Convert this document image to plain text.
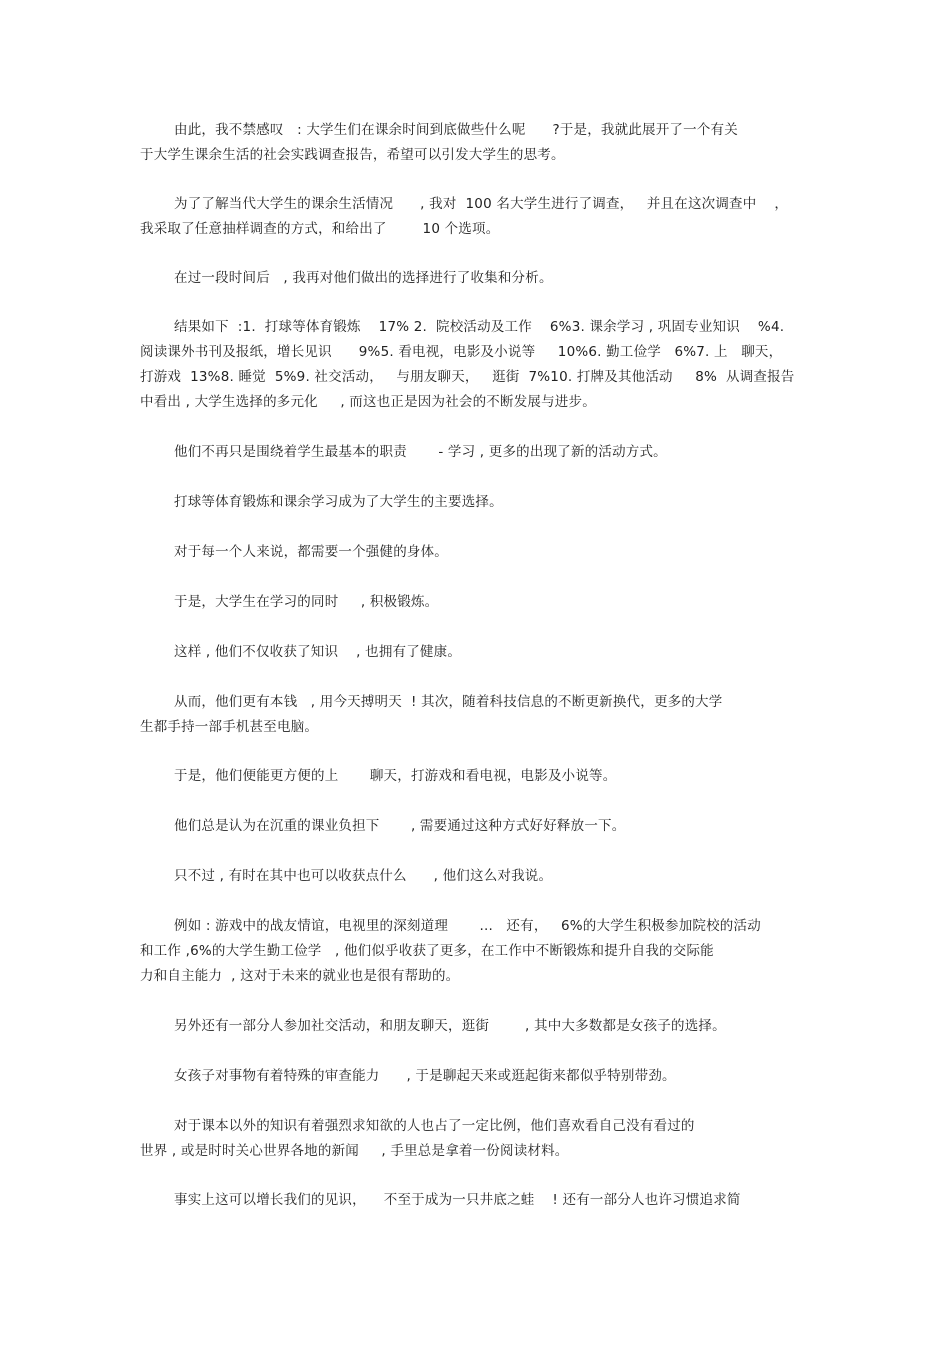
由此，我不禁感叹   : 大学生们在课余时间到底做些什么呢      ?于是，我就此展开了一个有关
于大学生课余生活的社会实践调查报告，希望可以引发大学生的思考。
为了了解当代大学生的课余生活情况      , 我对  100 名大学生进行了调查，   并且在这次调查中    ，
我采取了任意抽样调查的方式，和给出了        10 个选项。
在过一段时间后   , 我再对他们做出的选择进行了收集和分析。
结果如下  :1.  打球等体育锻炼    17% 2.  院校活动及工作    6%3. 课余学习 , 巩固专业知识    %4.
阅读课外书刊及报纸，增长见识      9%5. 看电视，电影及小说等     10%6. 勤工俭学   6%7. 上   聊天，
打游戏  13%8. 睡觉  5%9. 社交活动，   与朋友聊天，   逛街  7%10. 打牌及其他活动     8%  从调查报告
中看出 , 大学生选择的多元化     , 而这也正是因为社会的不断发展与进步。
他们不再只是围绕着学生最基本的职责       - 学习 , 更多的出现了新的活动方式。
打球等体育锻炼和课余学习成为了大学生的主要选择。
对于每一个人来说，都需要一个强健的身体。
于是，大学生在学习的同时     , 积极锻炼。
这样 , 他们不仅收获了知识    , 也拥有了健康。
从而，他们更有本钱   , 用今天搏明天  ! 其次，随着科技信息的不断更新换代，更多的大学
生都手持一部手机甚至电脑。
于是，他们便能更方便的上       聊天，打游戏和看电视，电影及小说等。
他们总是认为在沉重的课业负担下       , 需要通过这种方式好好释放一下。
只不过 , 有时在其中也可以收获点什么      , 他们这么对我说。
例如 : 游戏中的战友情谊，电视里的深刻道理       ...   还有，   6%的大学生积极参加院校的活动
和工作 ,6%的大学生勤工俭学   , 他们似乎收获了更多，在工作中不断锻炼和提升自我的交际能
力和自主能力  , 这对于未来的就业也是很有帮助的。
另外还有一部分人参加社交活动，和朋友聊天，逛街        , 其中大多数都是女孩子的选择。
女孩子对事物有着特殊的审查能力      , 于是聊起天来或逛起街来都似乎特别带劲。
对于课本以外的知识有着强烈求知欲的人也占了一定比例，他们喜欢看自己没有看过的
世界 , 或是时时关心世界各地的新闻     , 手里总是拿着一份阅读材料。
事实上这可以增长我们的见识，    不至于成为一只井底之蛙    ! 还有一部分人也许习惯追求简
